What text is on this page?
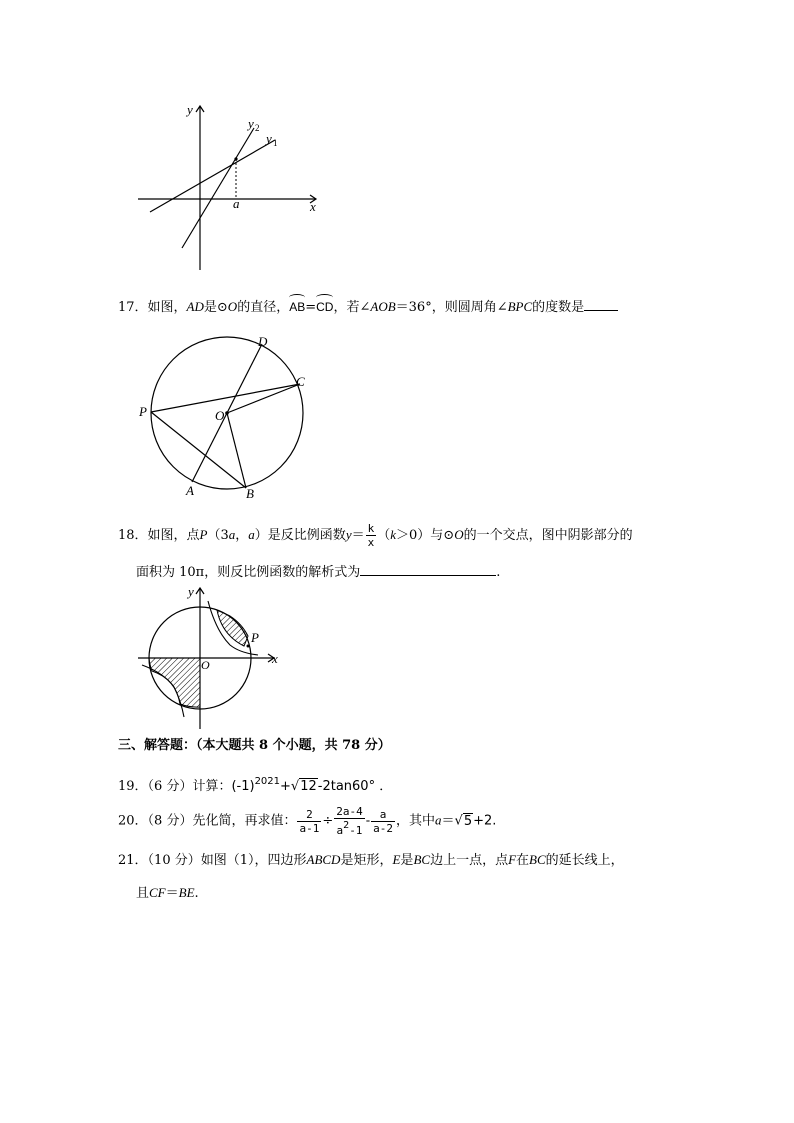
y
x
a
y 2
y 1
17．如图，AD是⊙O的直径，AB=CD，若∠AOB＝36°，则圆周角∠BPC的度数是
D
C
P	O
A	B
18．如图，点P（3a，a）是反比例函数$y= \frac{k}{x} (k>0)$与⊙O的一个交点，图中阴影部分的
面积为 10π，则反比例函数的解析式为	.
y
x
O
P
三、解答题：（本大题共 8 个小题，共 78 分）
19．（6 分）计算：$(-1)^{2021}+√12-2\tan 60^\circ$ ．
20．（8 分）先化简，再求值： $\frac{2}{a-1} \div \frac{2a-4}{a2-1} - \frac{a}{a-2}$ ，其中a＝√5+2.
21．（10 分）如图（1），四边形ABCD是矩形，E是BC边上一点，点F在BC的延长线上，
且CF＝BE.
